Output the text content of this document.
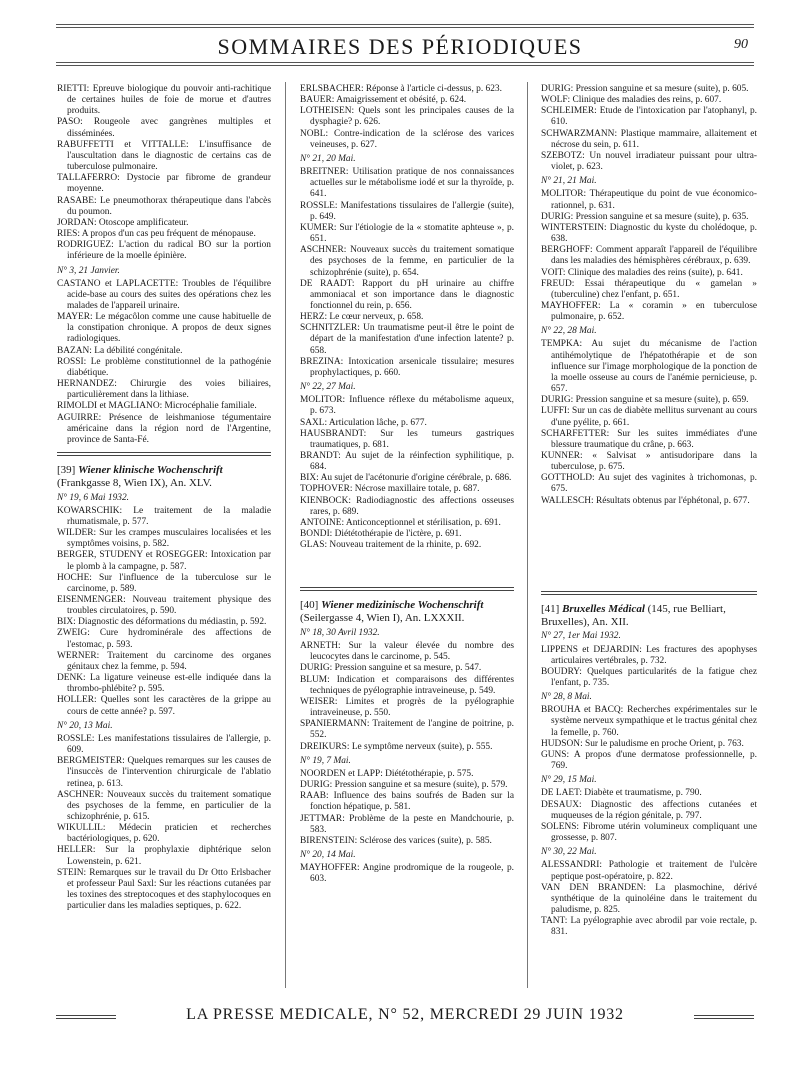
SOMMAIRES DES PÉRIODIQUES	90

RIETTI: Epreuve biologique du pouvoir anti-rachitique de certaines huiles de foie de morue et d'autres produits.

PASO: Rougeole avec gangrènes multiples et disséminées.

RABUFFETTI et VITTALLE: L'insuffisance de l'auscultation dans le diagnostic de certains cas de tuberculose pulmonaire.

TALLAFERRO: Dystocie par fibrome de grandeur moyenne.

RASABE: Le pneumothorax thérapeutique dans l'abcès du poumon.

JORDAN: Otoscope amplificateur.

RIES: A propos d'un cas peu fréquent de ménopause.

RODRIGUEZ: L'action du radical BO sur la portion inférieure de la moelle épinière.

N° 3, 21 Janvier.

CASTANO et LAPLACETTE: Troubles de l'équilibre acide-base au cours des suites des opérations chez les malades de l'appareil urinaire.

MAYER: Le mégacôlon comme une cause habituelle de la constipation chronique. A propos de deux signes radiologiques.

BAZAN: La débilité congénitale.

ROSSI: Le problème constitutionnel de la pathogénie diabétique.

HERNANDEZ: Chirurgie des voies biliaires, particulièrement dans la lithiase.

RIMOLDI et MAGLIANO: Microcéphalie familiale.

AGUIRRE: Présence de leishmaniose tégumentaire américaine dans la région nord de l'Argentine, province de Santa-Fé.

[39] Wiener klinische Wochenschrift (Frankgasse 8, Wien IX), An. XLV.
N° 19, 6 Mai 1932.

KOWARSCHIK: Le traitement de la maladie rhumatismale, p. 577.

WILDER: Sur les crampes musculaires localisées et les symptômes voisins, p. 582.

BERGER, STUDENY et ROSEGGER: Intoxication par le plomb à la campagne, p. 587.

HOCHE: Sur l'influence de la tuberculose sur le carcinome, p. 589.

EISENMENGER: Nouveau traitement physique des troubles circulatoires, p. 590.

BIX: Diagnostic des déformations du médiastin, p. 592.

ZWEIG: Cure hydrominérale des affections de l'estomac, p. 593.

WERNER: Traitement du carcinome des organes génitaux chez la femme, p. 594.

DENK: La ligature veineuse est-elle indiquée dans la thrombo-phlébite? p. 595.

HOLLER: Quelles sont les caractères de la grippe au cours de cette année? p. 597.

N° 20, 13 Mai.

ROSSLE: Les manifestations tissulaires de l'allergie, p. 609.

BERGMEISTER: Quelques remarques sur les causes de l'insuccès de l'intervention chirurgicale de l'ablatio retinea, p. 613.

ASCHNER: Nouveaux succès du traitement somatique des psychoses de la femme, en particulier de la schizophrénie, p. 615.

WIKULLIL: Médecin praticien et recherches bactériologiques, p. 620.

HELLER: Sur la prophylaxie diphtérique selon Lowenstein, p. 621.

STEIN: Remarques sur le travail du Dr Otto Erlsbacher et professeur Paul Saxl: Sur les réactions cutanées par les toxines des streptocoques et des staphylocoques en particulier dans les maladies septiques, p. 622.

ERLSBACHER: Réponse à l'article ci-dessus, p. 623.

BAUER: Amaigrissement et obésité, p. 624.

LOTHEISEN: Quels sont les principales causes de la dysphagie? p. 626.

NOBL: Contre-indication de la sclérose des varices veineuses, p. 627.

N° 21, 20 Mai.

BREITNER: Utilisation pratique de nos connaissances actuelles sur le métabolisme iodé et sur la thyroïde, p. 641.

ROSSLE: Manifestations tissulaires de l'allergie (suite), p. 649.

KUMER: Sur l'étiologie de la « stomatite aphteuse », p. 651.

ASCHNER: Nouveaux succès du traitement somatique des psychoses de la femme, en particulier de la schizophrénie (suite), p. 654.

DE RAADT: Rapport du pH urinaire au chiffre ammoniacal et son importance dans le diagnostic fonctionnel du rein, p. 656.

HERZ: Le cœur nerveux, p. 658.

SCHNITZLER: Un traumatisme peut-il être le point de départ de la manifestation d'une infection latente? p. 658.

BREZINA: Intoxication arsenicale tissulaire; mesures prophylactiques, p. 660.

N° 22, 27 Mai.

MOLITOR: Influence réflexe du métabolisme aqueux, p. 673.

SAXL: Articulation lâche, p. 677.

HAUSBRANDT: Sur les tumeurs gastriques traumatiques, p. 681.

BRANDT: Au sujet de la réinfection syphilitique, p. 684.

BIX: Au sujet de l'acétonurie d'origine cérébrale, p. 686.

TOPHOVER: Nécrose maxillaire totale, p. 687.

KIENBOCK: Radiodiagnostic des affections osseuses rares, p. 689.

ANTOINE: Anticonceptionnel et stérilisation, p. 691.

BONDI: Diététothérapie de l'ictère, p. 691.

GLAS: Nouveau traitement de la rhinite, p. 692.

[40] Wiener medizinische Wochenschrift (Seilergasse 4, Wien I), An. LXXXII.
N° 18, 30 Avril 1932.

ARNETH: Sur la valeur élevée du nombre des leucocytes dans le carcinome, p. 545.

DURIG: Pression sanguine et sa mesure, p. 547.

BLUM: Indication et comparaisons des différentes techniques de pyélographie intraveineuse, p. 549.

WEISER: Limites et progrès de la pyélographie intraveineuse, p. 550.

SPANIERMANN: Traitement de l'angine de poitrine, p. 552.

DREIKURS: Le symptôme nerveux (suite), p. 555.

N° 19, 7 Mai.

NOORDEN et LAPP: Diététothérapie, p. 575.

DURIG: Pression sanguine et sa mesure (suite), p. 579.

RAAB: Influence des bains soufrés de Baden sur la fonction hépatique, p. 581.

JETTMAR: Problème de la peste en Mandchourie, p. 583.

BIRENSTEIN: Sclérose des varices (suite), p. 585.

N° 20, 14 Mai.

MAYHOFFER: Angine prodromique de la rougeole, p. 603.

DURIG: Pression sanguine et sa mesure (suite), p. 605.

WOLF: Clinique des maladies des reins, p. 607.

SCHLEIMER: Etude de l'intoxication par l'atophanyl, p. 610.

SCHWARZMANN: Plastique mammaire, allaitement et nécrose du sein, p. 611.

SZEBOTZ: Un nouvel irradiateur puissant pour ultra-violet, p. 623.

N° 21, 21 Mai.

MOLITOR: Thérapeutique du point de vue économico-rationnel, p. 631.

DURIG: Pression sanguine et sa mesure (suite), p. 635.

WINTERSTEIN: Diagnostic du kyste du cholédoque, p. 638.

BERGHOFF: Comment apparaît l'appareil de l'équilibre dans les maladies des hémisphères cérébraux, p. 639.

VOIT: Clinique des maladies des reins (suite), p. 641.

FREUD: Essai thérapeutique du « gamelan » (tuberculine) chez l'enfant, p. 651.

MAYHOFFER: La « coramin » en tuberculose pulmonaire, p. 652.

N° 22, 28 Mai.

TEMPKA: Au sujet du mécanisme de l'action antihémolytique de l'hépatothérapie et de son influence sur l'image morphologique de la ponction de la moelle osseuse au cours de l'anémie pernicieuse, p. 657.

DURIG: Pression sanguine et sa mesure (suite), p. 659.

LUFFI: Sur un cas de diabète mellitus survenant au cours d'une pyélite, p. 661.

SCHARFETTER: Sur les suites immédiates d'une blessure traumatique du crâne, p. 663.

KUNNER: « Salvisat » antisudoripare dans la tuberculose, p. 675.

GOTTHOLD: Au sujet des vaginites à trichomonas, p. 675.

WALLESCH: Résultats obtenus par l'éphétonal, p. 677.

[41] Bruxelles Médical (145, rue Belliart, Bruxelles), An. XII.
N° 27, 1er Mai 1932.

LIPPENS et DEJARDIN: Les fractures des apophyses articulaires vertébrales, p. 732.

BOUDRY: Quelques particularités de la fatigue chez l'enfant, p. 735.

N° 28, 8 Mai.

BROUHA et BACQ: Recherches expérimentales sur le système nerveux sympathique et le tractus génital chez la femelle, p. 760.

HUDSON: Sur le paludisme en proche Orient, p. 763.

GUNS: A propos d'une dermatose professionnelle, p. 769.

N° 29, 15 Mai.

DE LAET: Diabète et traumatisme, p. 790.

DESAUX: Diagnostic des affections cutanées et muqueuses de la région génitale, p. 797.

SOLENS: Fibrome utérin volumineux compliquant une grossesse, p. 807.

N° 30, 22 Mai.

ALESSANDRI: Pathologie et traitement de l'ulcère peptique post-opératoire, p. 822.

VAN DEN BRANDEN: La plasmochine, dérivé synthétique de la quinoléine dans le traitement du paludisme, p. 825.

TANT: La pyélographie avec abrodil par voie rectale, p. 831.

LA PRESSE MEDICALE, N° 52, MERCREDI 29 JUIN 1932
